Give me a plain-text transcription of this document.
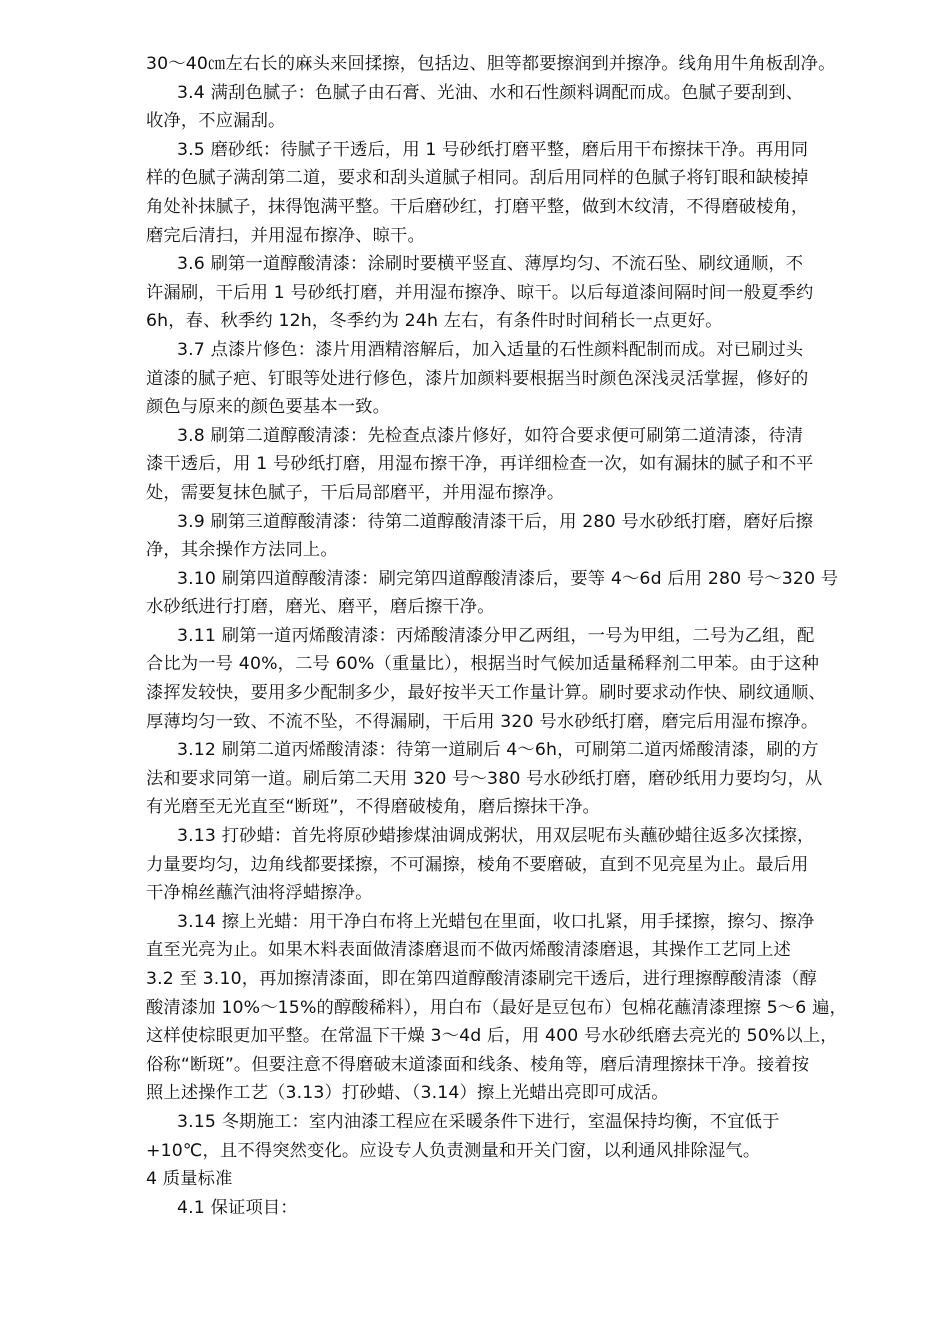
30～40㎝左右长的麻头来回揉擦，包括边、胆等都要擦润到并擦净。线角用牛角板刮净。
3.4 满刮色腻子：色腻子由石膏、光油、水和石性颜料调配而成。色腻子要刮到、
收净，不应漏刮。
3.5 磨砂纸：待腻子干透后，用 1 号砂纸打磨平整，磨后用干布擦抹干净。再用同
样的色腻子满刮第二道，要求和刮头道腻子相同。刮后用同样的色腻子将钉眼和缺棱掉
角处补抹腻子，抹得饱满平整。干后磨砂红，打磨平整，做到木纹清，不得磨破棱角，
磨完后清扫，并用湿布擦净、晾干。
3.6 刷第一道醇酸清漆：涂刷时要横平竖直、薄厚均匀、不流石坠、刷纹通顺，不
许漏刷，干后用 1 号砂纸打磨，并用湿布擦净、晾干。以后每道漆间隔时间一般夏季约
6h，春、秋季约 12h，冬季约为 24h 左右，有条件时时间稍长一点更好。
3.7 点漆片修色：漆片用酒精溶解后，加入适量的石性颜料配制而成。对已刷过头
道漆的腻子疤、钉眼等处进行修色，漆片加颜料要根据当时颜色深浅灵活掌握，修好的
颜色与原来的颜色要基本一致。
3.8 刷第二道醇酸清漆：先检查点漆片修好，如符合要求便可刷第二道清漆，待清
漆干透后，用 1 号砂纸打磨，用湿布擦干净，再详细检查一次，如有漏抹的腻子和不平
处，需要复抹色腻子，干后局部磨平，并用湿布擦净。
3.9 刷第三道醇酸清漆：待第二道醇酸清漆干后，用 280 号水砂纸打磨，磨好后擦
净，其余操作方法同上。
3.10 刷第四道醇酸清漆：刷完第四道醇酸清漆后，要等 4～6d 后用 280 号～320 号
水砂纸进行打磨，磨光、磨平，磨后擦干净。
3.11 刷第一道丙烯酸清漆：丙烯酸清漆分甲乙两组，一号为甲组，二号为乙组，配
合比为一号 40%，二号 60%（重量比），根据当时气候加适量稀释剂二甲苯。由于这种
漆挥发较快，要用多少配制多少，最好按半天工作量计算。刷时要求动作快、刷纹通顺、
厚薄均匀一致、不流不坠，不得漏刷，干后用 320 号水砂纸打磨，磨完后用湿布擦净。
3.12 刷第二道丙烯酸清漆：待第一道刷后 4～6h，可刷第二道丙烯酸清漆，刷的方
法和要求同第一道。刷后第二天用 320 号～380 号水砂纸打磨，磨砂纸用力要均匀，从
有光磨至无光直至“断斑”，不得磨破棱角，磨后擦抹干净。
3.13 打砂蜡：首先将原砂蜡掺煤油调成粥状，用双层呢布头蘸砂蜡往返多次揉擦，
力量要均匀，边角线都要揉擦，不可漏擦，棱角不要磨破，直到不见亮星为止。最后用
干净棉丝蘸汽油将浮蜡擦净。
3.14 擦上光蜡：用干净白布将上光蜡包在里面，收口扎紧，用手揉擦，擦匀、擦净
直至光亮为止。如果木料表面做清漆磨退而不做丙烯酸清漆磨退，其操作工艺同上述
3.2 至 3.10，再加擦清漆面，即在第四道醇酸清漆刷完干透后，进行理擦醇酸清漆（醇
酸清漆加 10%～15%的醇酸稀料），用白布（最好是豆包布）包棉花蘸清漆理擦 5～6 遍，
这样使棕眼更加平整。在常温下干燥 3～4d 后，用 400 号水砂纸磨去亮光的 50%以上，
俗称“断斑”。但要注意不得磨破末道漆面和线条、棱角等，磨后清理擦抹干净。接着按
照上述操作工艺（3.13）打砂蜡、（3.14）擦上光蜡出亮即可成活。
3.15 冬期施工：室内油漆工程应在采暖条件下进行，室温保持均衡，不宜低于
+10℃，且不得突然变化。应设专人负责测量和开关门窗，以利通风排除湿气。
4 质量标准
4.1 保证项目：
